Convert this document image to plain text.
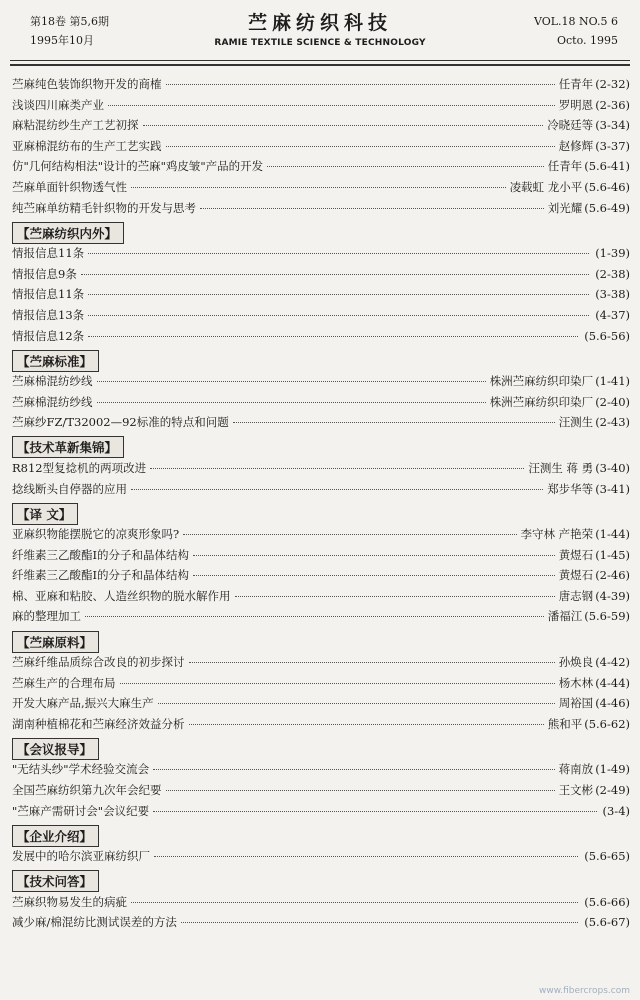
第18卷 第5,6期
1995年10月
苎麻纺织科技
RAMIE TEXTILE SCIENCE & TECHNOLOGY
VOL.18 NO.5 6
Octo. 1995
苎麻纯色装饰织物开发的商榷	任青年 (2-32)
浅谈四川麻类产业	罗明恩 (2-36)
麻粘混纺纱生产工艺初探	冷晓廷等 (3-34)
亚麻棉混纺布的生产工艺实践	赵修辉 (3-37)
仿"几何结构相法"设计的苎麻"鸡皮皱"产品的开发	任青年 (5.6-41)
苎麻单面针织物透气性	凌载虹 龙小平 (5.6-46)
纯苎麻单纺精毛针织物的开发与思考	刘光耀 (5.6-49)
【苎麻纺织内外】
情报信息11条	(1-39)
情报信息9条	(2-38)
情报信息11条	(3-38)
情报信息13条	(4-37)
情报信息12条	(5.6-56)
【苎麻标准】
苎麻棉混纺纱线	株洲苎麻纺织印染厂 (1-41)
苎麻棉混纺纱线	株洲苎麻纺织印染厂 (2-40)
苎麻纱FZ/T32002—92标准的特点和问题	汪测生 (2-43)
【技术革新集锦】
R812型复捻机的两项改进	汪测生 蒋 勇 (3-40)
捻线断头自停器的应用	郑步华等 (3-41)
【译 文】
亚麻织物能摆脱它的凉爽形象吗?	李守林 产艳荣 (1-44)
纤维素三乙酸酯Ⅰ的分子和晶体结构	黄煜石 (1-45)
纤维素三乙酸酯Ⅰ的分子和晶体结构	黄煜石 (2-46)
棉、亚麻和粘胶、人造丝织物的脱水解作用	唐志钢 (4-39)
麻的整理加工	潘福江 (5.6-59)
【苎麻原料】
苎麻纤维品质综合改良的初步探讨	孙焕良 (4-42)
苎麻生产的合理布局	杨木林 (4-44)
开发大麻产品,振兴大麻生产	周裕国 (4-46)
湖南种植棉花和苎麻经济效益分析	熊和平 (5.6-62)
【会议报导】
"无结头纱"学术经验交流会	蒋南放 (1-49)
全国苎麻纺织第九次年会纪要	王文彬 (2-49)
"苎麻产需研讨会"会议纪要	(3-4)
【企业介绍】
发展中的哈尔滨亚麻纺织厂	(5.6-65)
【技术问答】
苎麻织物易发生的病疵	(5.6-66)
减少麻/棉混纺比测试误差的方法	(5.6-67)
www.fibercrops.com
